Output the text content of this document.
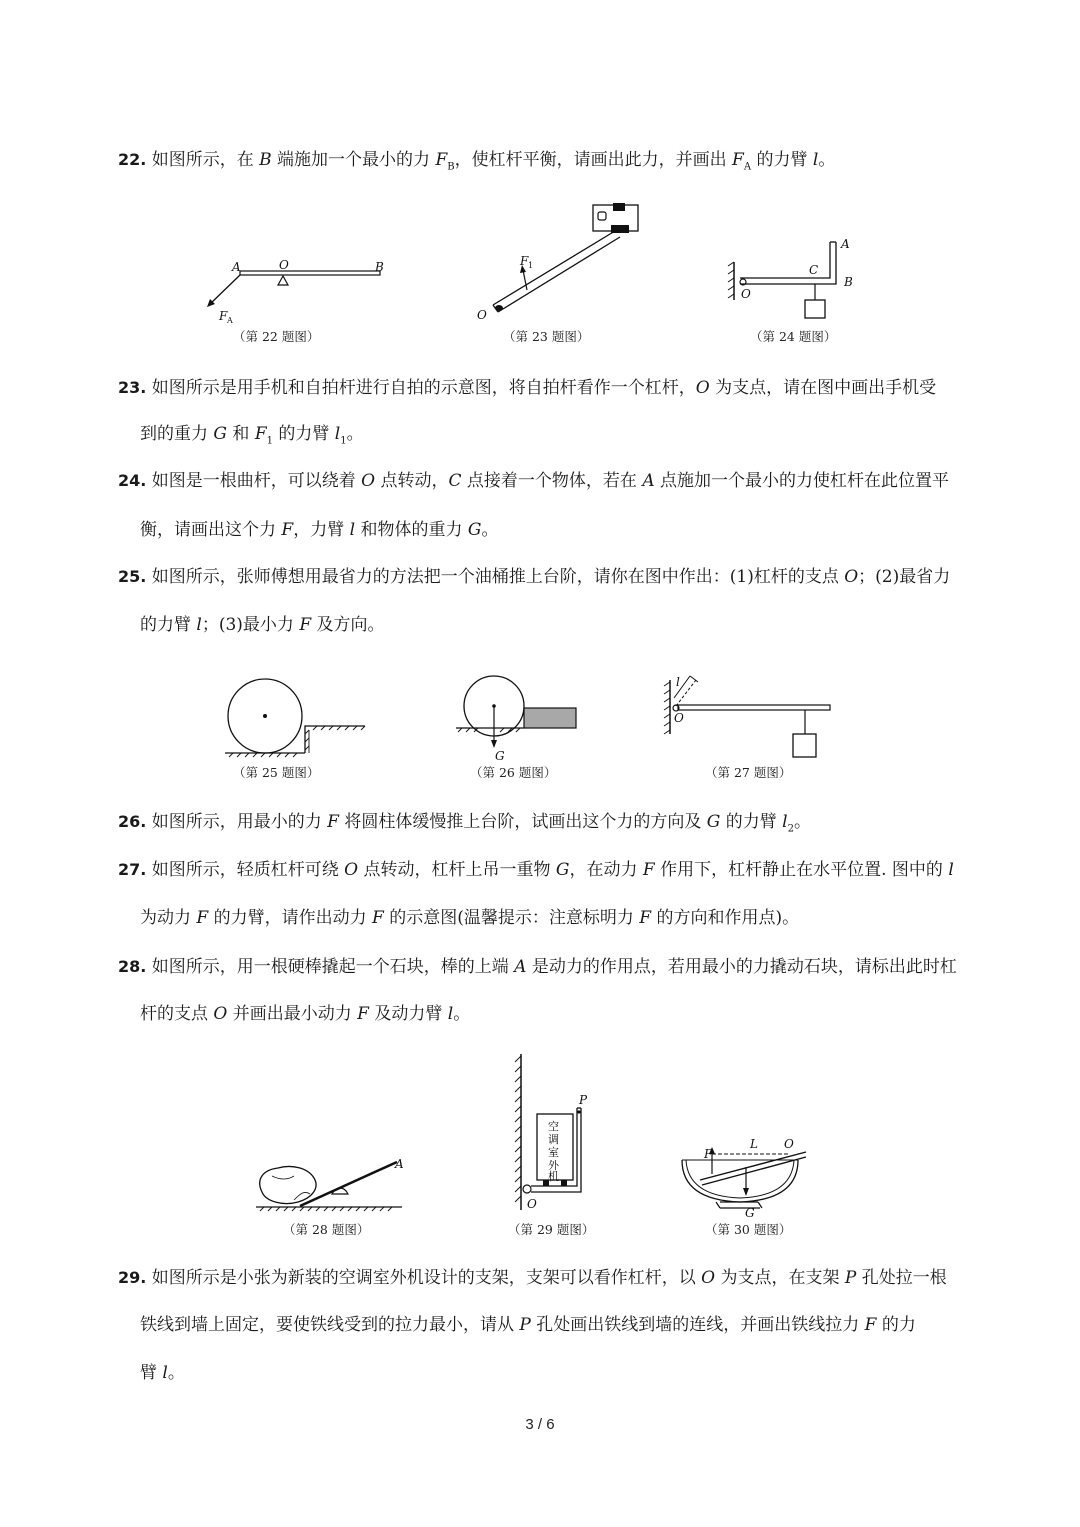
22. 如图所示，在 B 端施加一个最小的力 $F_B$，使杠杆平衡，请画出此力，并画出 $F_A$ 的力臂 l。
A	O	B
F A
（第 22 题图）
F 1
O
（第 23 题图）
A
B
C
O
（第 24 题图）
23. 如图所示是用手机和自拍杆进行自拍的示意图，将自拍杆看作一个杠杆，O 为支点，请在图中画出手机受
到的重力 G 和 $F_1$ 的力臂 $l_1$。
24. 如图是一根曲杆，可以绕着 O 点转动，C 点接着一个物体，若在 A 点施加一个最小的力使杠杆在此位置平
衡，请画出这个力 F，力臂 l 和物体的重力 G。
25. 如图所示，张师傅想用最省力的方法把一个油桶推上台阶，请你在图中作出：(1)杠杆的支点 O；(2)最省力
的力臂 l；(3)最小力 F 及方向。
（第 25 题图）
G
（第 26 题图）
l
O
（第 27 题图）
26. 如图所示，用最小的力 F 将圆柱体缓慢推上台阶，试画出这个力的方向及 G 的力臂 $l_2$。
27. 如图所示，轻质杠杆可绕 O 点转动，杠杆上吊一重物 G，在动力 F 作用下，杠杆静止在水平位置. 图中的 l
为动力 F 的力臂，请作出动力 F 的示意图(温馨提示：注意标明力 F 的方向和作用点)。
28. 如图所示，用一根硬棒撬起一个石块，棒的上端 A 是动力的作用点，若用最小的力撬动石块，请标出此时杠
杆的支点 O 并画出最小动力 F 及动力臂 l。
A
（第 28 题图）
空
调
室
外
机
P
O
（第 29 题图）
F
L O
G
（第 30 题图）
29. 如图所示是小张为新装的空调室外机设计的支架，支架可以看作杠杆，以 O 为支点，在支架 P 孔处拉一根
铁线到墙上固定，要使铁线受到的拉力最小，请从 P 孔处画出铁线到墙的连线，并画出铁线拉力 F 的力
臂 l。
3 / 6
